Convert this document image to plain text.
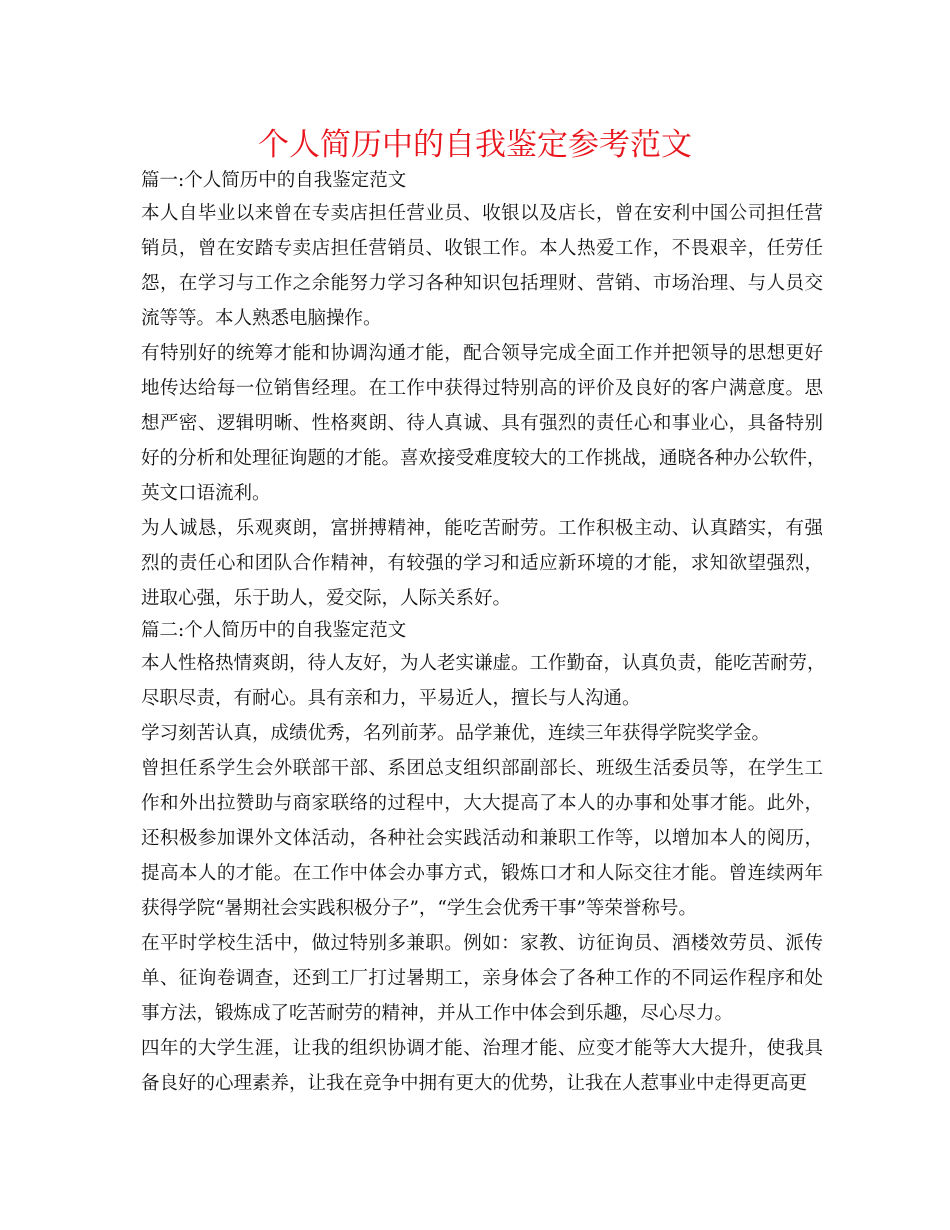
个人简历中的自我鉴定参考范文
篇一:个人简历中的自我鉴定范文
本人自毕业以来曾在专卖店担任营业员、收银以及店长，曾在安利中国公司担任营
销员，曾在安踏专卖店担任营销员、收银工作。本人热爱工作，不畏艰辛，任劳任
怨，在学习与工作之余能努力学习各种知识包括理财、营销、市场治理、与人员交
流等等。本人熟悉电脑操作。
有特别好的统筹才能和协调沟通才能，配合领导完成全面工作并把领导的思想更好
地传达给每一位销售经理。在工作中获得过特别高的评价及良好的客户满意度。思
想严密、逻辑明晰、性格爽朗、待人真诚、具有强烈的责任心和事业心，具备特别
好的分析和处理征询题的才能。喜欢接受难度较大的工作挑战，通晓各种办公软件，
英文口语流利。
为人诚恳，乐观爽朗，富拼搏精神，能吃苦耐劳。工作积极主动、认真踏实，有强
烈的责任心和团队合作精神，有较强的学习和适应新环境的才能，求知欲望强烈，
进取心强，乐于助人，爱交际，人际关系好。
篇二:个人简历中的自我鉴定范文
本人性格热情爽朗，待人友好，为人老实谦虚。工作勤奋，认真负责，能吃苦耐劳，
尽职尽责，有耐心。具有亲和力，平易近人，擅长与人沟通。
学习刻苦认真，成绩优秀，名列前茅。品学兼优，连续三年获得学院奖学金。
曾担任系学生会外联部干部、系团总支组织部副部长、班级生活委员等，在学生工
作和外出拉赞助与商家联络的过程中，大大提高了本人的办事和处事才能。此外，
还积极参加课外文体活动，各种社会实践活动和兼职工作等，以增加本人的阅历，
提高本人的才能。在工作中体会办事方式，锻炼口才和人际交往才能。曾连续两年
获得学院“暑期社会实践积极分子”，“学生会优秀干事”等荣誉称号。
在平时学校生活中，做过特别多兼职。例如：家教、访征询员、酒楼效劳员、派传
单、征询卷调查，还到工厂打过暑期工，亲身体会了各种工作的不同运作程序和处
事方法，锻炼成了吃苦耐劳的精神，并从工作中体会到乐趣，尽心尽力。
四年的大学生涯，让我的组织协调才能、治理才能、应变才能等大大提升，使我具
备良好的心理素养，让我在竞争中拥有更大的优势，让我在人惹事业中走得更高更
